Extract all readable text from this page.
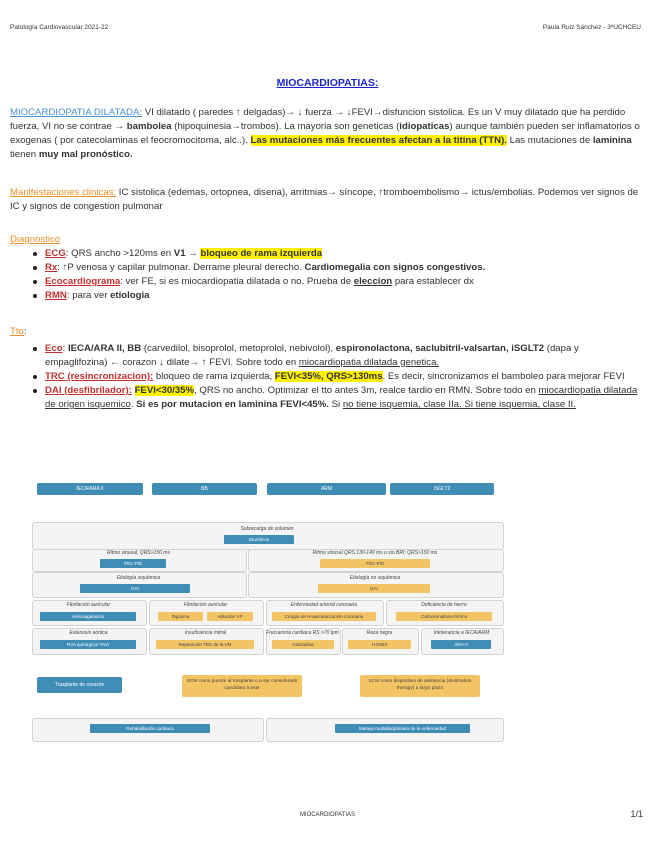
Patología Cardiovascular 2021-22	Paula Ruiz Sánchez - 3ºUCHCEU
MIOCARDIOPATIAS:
MIOCARDIOPATIA DILATADA: VI dilatado ( paredes ↑ delgadas)→ ↓ fuerza → ↓FEVI→disfuncion sistolica. Es un V muy dilatado que ha perdido fuerza, VI no se contrae → bambolea (hipoquinesia→trombos). La mayoria son geneticas (idiopaticas) aunque también pueden ser inflamatorios o exogenas ( por catecolaminas el feocromocitoma, alc..). Las mutaciones más frecuentes afectan a la titina (TTN). Las mutaciones de laminina tienen muy mal pronóstico.
Manifestaciones clinicas: IC sistolica (edemas, ortopnea, disena), arritmias→ síncope, ↑tromboembolismo→ ictus/embolias. Podemos ver signos de IC y signos de congestion pulmonar
Diagnostico
ECG: QRS ancho >120ms en V1 → bloqueo de rama izquierda
Rx: ↑P venosa y capilar pulmonar. Derrame pleural derecho. Cardiomegalia con signos congestivos.
Ecocardiograma: ver FE, si es miocardiopatia dilatada o no. Prueba de eleccion para establecer dx
RMN: para ver etiologia
Tto:
Eco: IECA/ARA II, BB (carvedilol, bisoprolol, metoprolol, nebivolol), espironolactona, saclubitril-valsartan, iSGLT2 (dapa y empaglifozina) ← corazon ↓ dilate→ ↑ FEVI. Sobre todo en miocardiopatia dilatada genetica.
TRC (resincronizacion): bloqueo de rama izquierda, FEVI<35%, QRS>130ms. Es decir, sincronizamos el bamboleo para mejorar FEVI
DAI (desfibrilador): FEVI<30/35%, QRS no ancho. Optimizar el tto antes 3m, realce tardio en RMN. Sobre todo en miocardiopatia dilatada de origen isquemico. Si es por mutacion en laminina FEVI<45%. Si no tiene isquemia, clase IIa. Si tiene isquemia, clase II.
IECA/ARA II	BB	ARM	iSGLT2
Sobrecarga de volumen
Diuréticos
Ritmo sinusal; QRS>150 ms
TRC-P/D
Ritmo sinusal QRS 130-149 ms o sin BRI; QRS>150 ms
TRC-P/D
Etiología isquémica
DAI
Etiología no isquémica
DAI
Fibrilación auricular
Anticoagulación
Fibrilación auricular
Digoxina	Ablación VP
Enfermedad arterial coronaria
Cirugía de revascularización coronaria
Deficiencia de hierro
Carboximaltosa férrica
Estenosis aórtica
RVA quirúrgico/ TAVI
Insuficiencia mitral
Reparación TEE de la VM
Frecuencia cardiaca RS >70 lpm
Ivabradina
Raza negra
H-DNIS
Intolerancia a IECA/ARM
ARA-II
Trasplante de corazón
SCM como puente al trasplante o a ser considerado candidato a este
SCM como dispositivo de asistencia (destination therapy) a largo plazo
Rehabilitación cardiaca	Manejo multidisciplinario de la enfermedad
MIOCARDIOPATIAS	1/1
